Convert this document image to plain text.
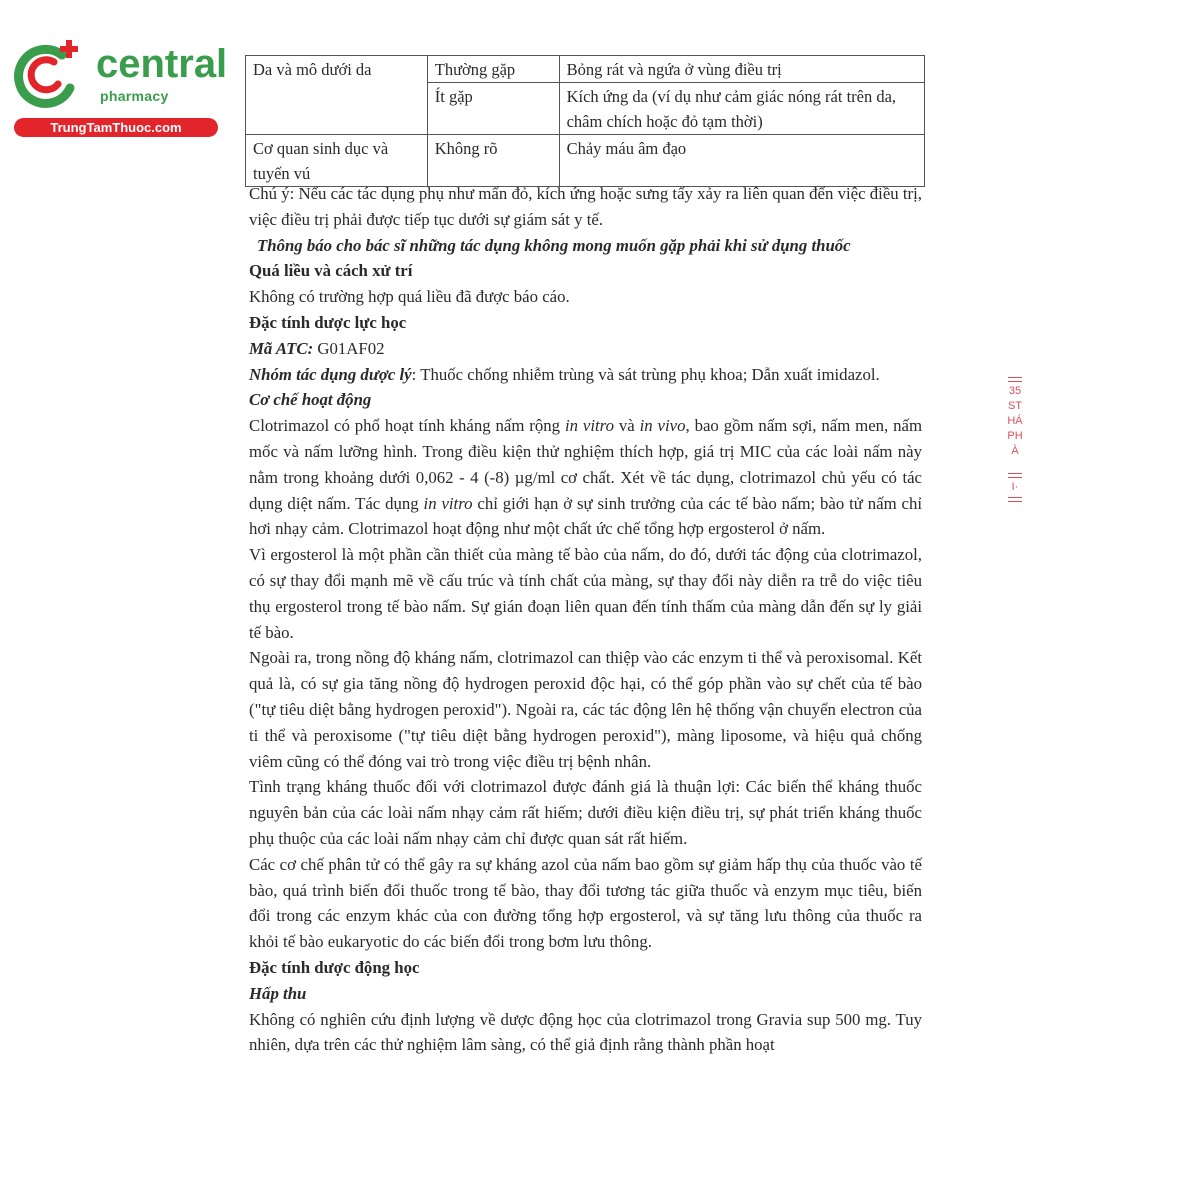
central
pharmacy
TrungTamThuoc.com
Da và mô dưới da	Thường gặp	Bỏng rát và ngứa ở vùng điều trị
	Ít gặp	Kích ứng da (ví dụ như cảm giác nóng rát trên da, châm chích hoặc đỏ tạm thời)
Cơ quan sinh dục và tuyến vú	Không rõ	Chảy máu âm đạo

Chú ý: Nếu các tác dụng phụ như mẩn đỏ, kích ứng hoặc sưng tấy xảy ra liên quan đến việc điều trị, việc điều trị phải được tiếp tục dưới sự giám sát y tế.

Thông báo cho bác sĩ những tác dụng không mong muốn gặp phải khi sử dụng thuốc

Quá liều và cách xử trí

Không có trường hợp quá liều đã được báo cáo.

Đặc tính dược lực học

Mã ATC: G01AF02

Nhóm tác dụng dược lý: Thuốc chống nhiễm trùng và sát trùng phụ khoa; Dẫn xuất imidazol.

Cơ chế hoạt động

Clotrimazol có phổ hoạt tính kháng nấm rộng in vitro và in vivo, bao gồm nấm sợi, nấm men, nấm mốc và nấm lưỡng hình. Trong điều kiện thử nghiệm thích hợp, giá trị MIC của các loài nấm này nằm trong khoảng dưới 0,062 - 4 (-8) µg/ml cơ chất. Xét về tác dụng, clotrimazol chủ yếu có tác dụng diệt nấm. Tác dụng in vitro chỉ giới hạn ở sự sinh trưởng của các tế bào nấm; bào tử nấm chỉ hơi nhạy cảm. Clotrimazol hoạt động như một chất ức chế tổng hợp ergosterol ở nấm.

Vì ergosterol là một phần cần thiết của màng tế bào của nấm, do đó, dưới tác động của clotrimazol, có sự thay đổi mạnh mẽ về cấu trúc và tính chất của màng, sự thay đổi này diễn ra trễ do việc tiêu thụ ergosterol trong tế bào nấm. Sự gián đoạn liên quan đến tính thấm của màng dẫn đến sự ly giải tế bào.

Ngoài ra, trong nồng độ kháng nấm, clotrimazol can thiệp vào các enzym ti thể và peroxisomal. Kết quả là, có sự gia tăng nồng độ hydrogen peroxid độc hại, có thể góp phần vào sự chết của tế bào ("tự tiêu diệt bằng hydrogen peroxid"). Ngoài ra, các tác động lên hệ thống vận chuyển electron của ti thể và peroxisome ("tự tiêu diệt bằng hydrogen peroxid"), màng liposome, và hiệu quả chống viêm cũng có thể đóng vai trò trong việc điều trị bệnh nhân.

Tình trạng kháng thuốc đối với clotrimazol được đánh giá là thuận lợi: Các biến thể kháng thuốc nguyên bản của các loài nấm nhạy cảm rất hiếm; dưới điều kiện điều trị, sự phát triển kháng thuốc phụ thuộc của các loài nấm nhạy cảm chỉ được quan sát rất hiếm.

Các cơ chế phân tử có thể gây ra sự kháng azol của nấm bao gồm sự giảm hấp thụ của thuốc vào tế bào, quá trình biến đổi thuốc trong tế bào, thay đổi tương tác giữa thuốc và enzym mục tiêu, biến đổi trong các enzym khác của con đường tổng hợp ergosterol, và sự tăng lưu thông của thuốc ra khỏi tế bào eukaryotic do các biến đổi trong bơm lưu thông.

Đặc tính dược động học

Hấp thu

Không có nghiên cứu định lượng về dược động học của clotrimazol trong Gravia sup 500 mg. Tuy nhiên, dựa trên các thử nghiệm lâm sàng, có thể giả định rằng thành phần hoạt

35
ST
HÁ
PH
À
I·
